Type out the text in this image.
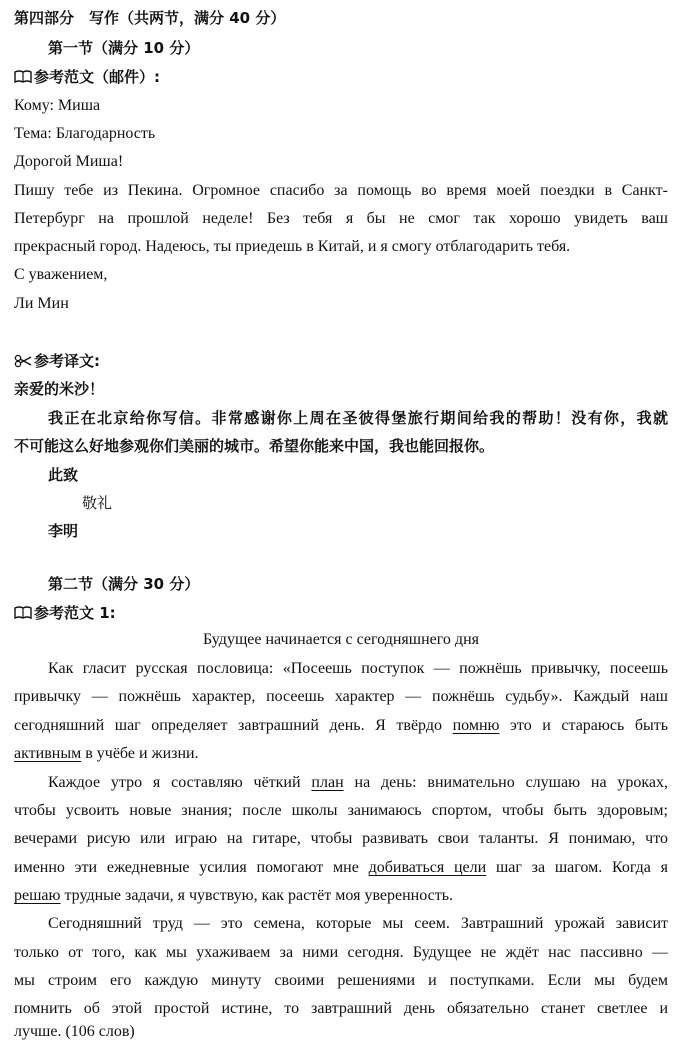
第四部分　写作（共两节，满分 40 分）
第一节（满分 10 分）
参考范文（邮件）:
Кому: Миша
Тема: Благодарность
Дорогой Миша!
Пишу тебе из Пекина. Огромное спасибо за помощь во время моей поездки в Санкт-
Петербург на прошлой неделе! Без тебя я бы не смог так хорошо увидеть ваш
прекрасный город. Надеюсь, ты приедешь в Китай, и я смогу отблагодарить тебя.
С уважением,
Ли Мин
参考译文:
亲爱的米沙！
我正在北京给你写信。非常感谢你上周在圣彼得堡旅行期间给我的帮助！没有你，我就
不可能这么好地参观你们美丽的城市。希望你能来中国，我也能回报你。
此致
敬礼
李明
第二节（满分 30 分）
参考范文 1:
Будущее начинается с сегодняшнего дня
Как гласит русская пословица: «Посеешь поступок — пожнёшь привычку, посеешь
привычку — пожнёшь характер, посеешь характер — пожнёшь судьбу». Каждый наш
сегодняшний шаг определяет завтрашний день. Я твёрдо помню это и стараюсь быть
активным в учёбе и жизни.
Каждое утро я составляю чёткий план на день: внимательно слушаю на уроках,
чтобы усвоить новые знания; после школы занимаюсь спортом, чтобы быть здоровым;
вечерами рисую или играю на гитаре, чтобы развивать свои таланты. Я понимаю, что
именно эти ежедневные усилия помогают мне добиваться цели шаг за шагом. Когда я
решаю трудные задачи, я чувствую, как растёт моя уверенность.
Сегодняшний труд — это семена, которые мы сеем. Завтрашний урожай зависит
только от того, как мы ухаживаем за ними сегодня. Будущее не ждёт нас пассивно —
мы строим его каждую минуту своими решениями и поступками. Если мы будем
помнить об этой простой истине, то завтрашний день обязательно станет светлее и
лучше. (106 слов)
